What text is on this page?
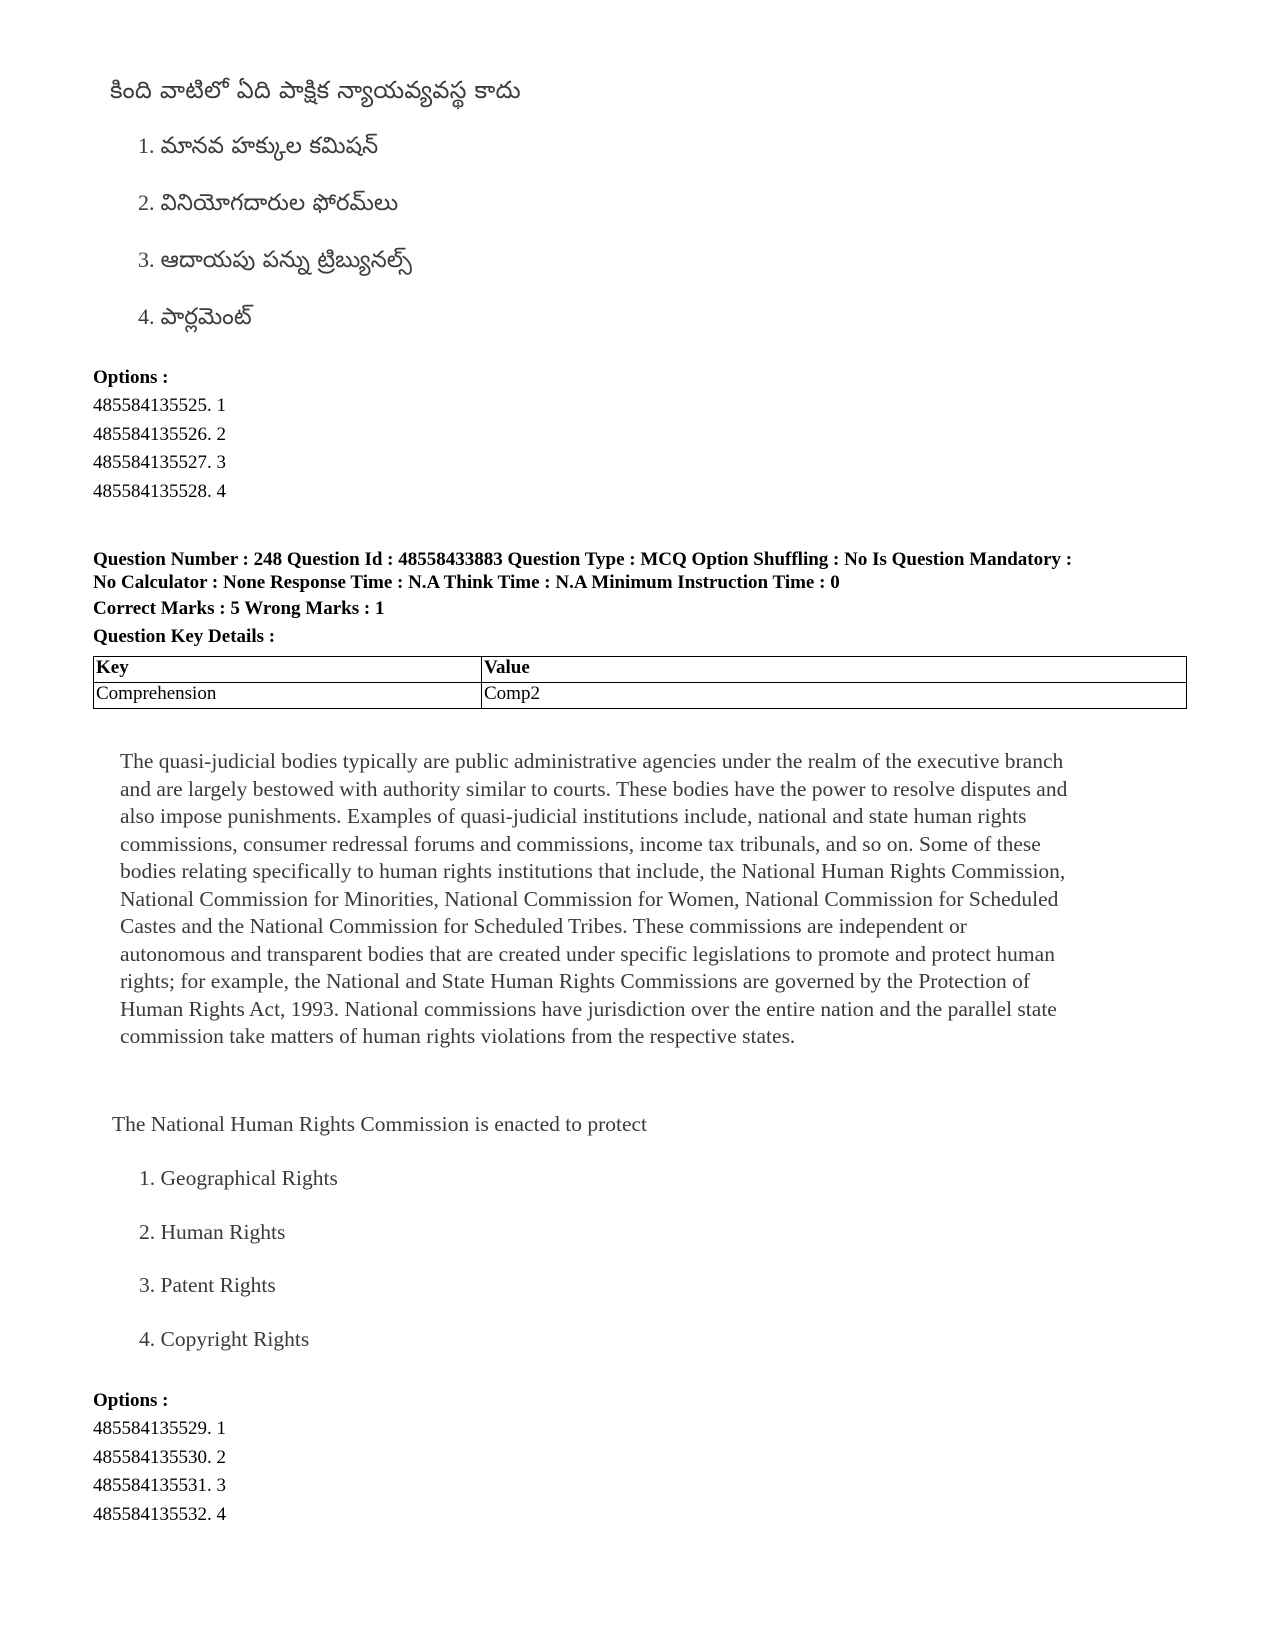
కింది వాటిలో ఏది పాక్షిక న్యాయవ్యవస్థ కాదు
1. మానవ హక్కుల కమిషన్
2. వినియోగదారుల ఫోరమ్‌లు
3. ఆదాయపు పన్ను ట్రిబ్యునల్స్
4. పార్లమెంట్
Options :
485584135525. 1
485584135526. 2
485584135527. 3
485584135528. 4
Question Number : 248 Question Id : 48558433883 Question Type : MCQ Option Shuffling : No Is Question Mandatory :
No Calculator : None Response Time : N.A Think Time : N.A Minimum Instruction Time : 0
Correct Marks : 5 Wrong Marks : 1
Question Key Details :
Key	Value
Comprehension	Comp2
The quasi-judicial bodies typically are public administrative agencies under the realm of the executive branch
and are largely bestowed with authority similar to courts. These bodies have the power to resolve disputes and
also impose punishments. Examples of quasi-judicial institutions include, national and state human rights
commissions, consumer redressal forums and commissions, income tax tribunals, and so on. Some of these
bodies relating specifically to human rights institutions that include, the National Human Rights Commission,
National Commission for Minorities, National Commission for Women, National Commission for Scheduled
Castes and the National Commission for Scheduled Tribes. These commissions are independent or
autonomous and transparent bodies that are created under specific legislations to promote and protect human
rights; for example, the National and State Human Rights Commissions are governed by the Protection of
Human Rights Act, 1993. National commissions have jurisdiction over the entire nation and the parallel state
commission take matters of human rights violations from the respective states.
The National Human Rights Commission is enacted to protect
1. Geographical Rights
2. Human Rights
3. Patent Rights
4. Copyright Rights
Options :
485584135529. 1
485584135530. 2
485584135531. 3
485584135532. 4
